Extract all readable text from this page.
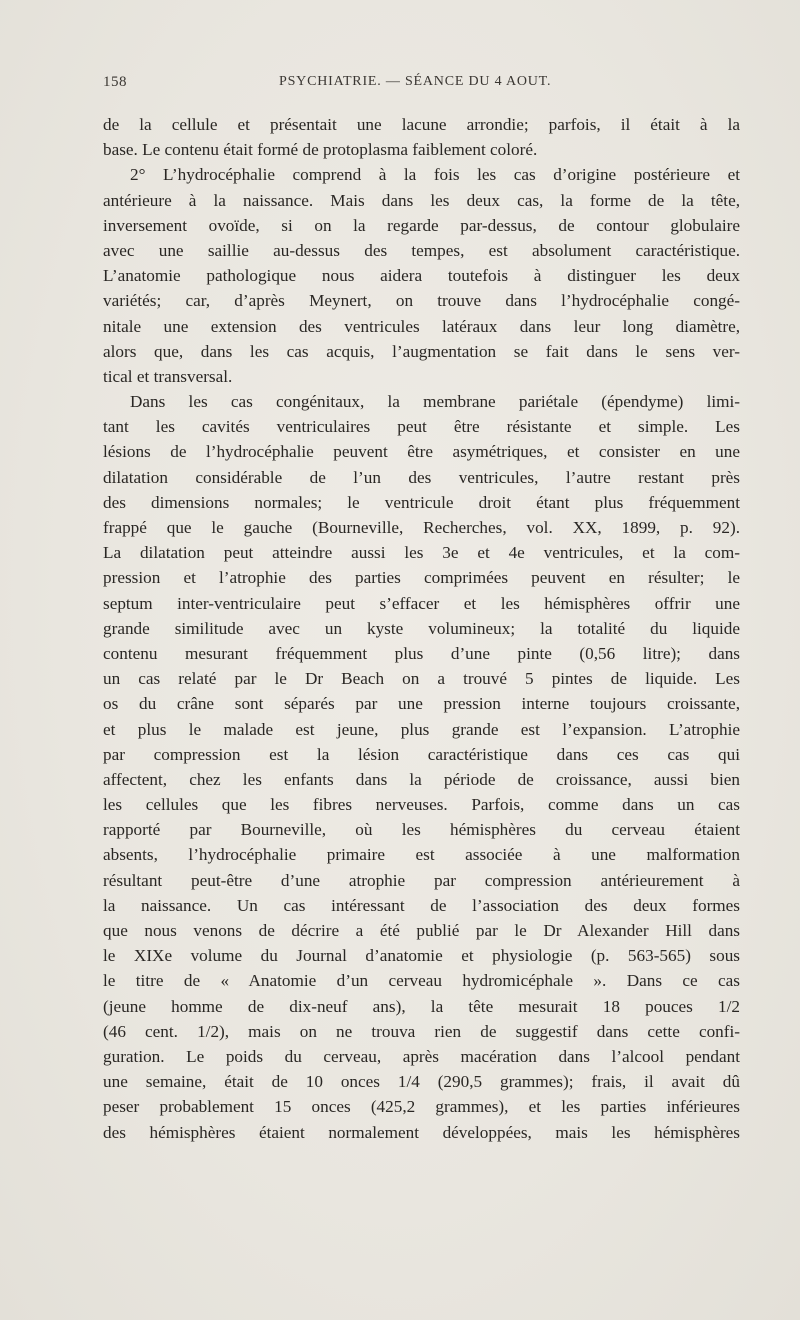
158	PSYCHIATRIE. — SÉANCE DU 4 AOUT.
de la cellule et présentait une lacune arrondie; parfois, il était à la
base. Le contenu était formé de protoplasma faiblement coloré.
2° L’hydrocéphalie comprend à la fois les cas d’origine postérieure et
antérieure à la naissance. Mais dans les deux cas, la forme de la tête,
inversement ovoïde, si on la regarde par-dessus, de contour globulaire
avec une saillie au-dessus des tempes, est absolument caractéristique.
L’anatomie pathologique nous aidera toutefois à distinguer les deux
variétés; car, d’après Meynert, on trouve dans l’hydrocéphalie congé-
nitale une extension des ventricules latéraux dans leur long diamètre,
alors que, dans les cas acquis, l’augmentation se fait dans le sens ver-
tical et transversal.
Dans les cas congénitaux, la membrane pariétale (épendyme) limi-
tant les cavités ventriculaires peut être résistante et simple. Les
lésions de l’hydrocéphalie peuvent être asymétriques, et consister en une
dilatation considérable de l’un des ventricules, l’autre restant près
des dimensions normales; le ventricule droit étant plus fréquemment
frappé que le gauche (Bourneville, Recherches, vol. XX, 1899, p. 92).
La dilatation peut atteindre aussi les 3e et 4e ventricules, et la com-
pression et l’atrophie des parties comprimées peuvent en résulter; le
septum inter-ventriculaire peut s’effacer et les hémisphères offrir une
grande similitude avec un kyste volumineux; la totalité du liquide
contenu mesurant fréquemment plus d’une pinte (0,56 litre); dans
un cas relaté par le Dr Beach on a trouvé 5 pintes de liquide. Les
os du crâne sont séparés par une pression interne toujours croissante,
et plus le malade est jeune, plus grande est l’expansion. L’atrophie
par compression est la lésion caractéristique dans ces cas qui
affectent, chez les enfants dans la période de croissance, aussi bien
les cellules que les fibres nerveuses. Parfois, comme dans un cas
rapporté par Bourneville, où les hémisphères du cerveau étaient
absents, l’hydrocéphalie primaire est associée à une malformation
résultant peut-être d’une atrophie par compression antérieurement à
la naissance. Un cas intéressant de l’association des deux formes
que nous venons de décrire a été publié par le Dr Alexander Hill dans
le XIXe volume du Journal d’anatomie et physiologie (p. 563-565) sous
le titre de « Anatomie d’un cerveau hydromicéphale ». Dans ce cas
(jeune homme de dix-neuf ans), la tête mesurait 18 pouces 1/2
(46 cent. 1/2), mais on ne trouva rien de suggestif dans cette confi-
guration. Le poids du cerveau, après macération dans l’alcool pendant
une semaine, était de 10 onces 1/4 (290,5 grammes); frais, il avait dû
peser probablement 15 onces (425,2 grammes), et les parties inférieures
des hémisphères étaient normalement développées, mais les hémisphères
